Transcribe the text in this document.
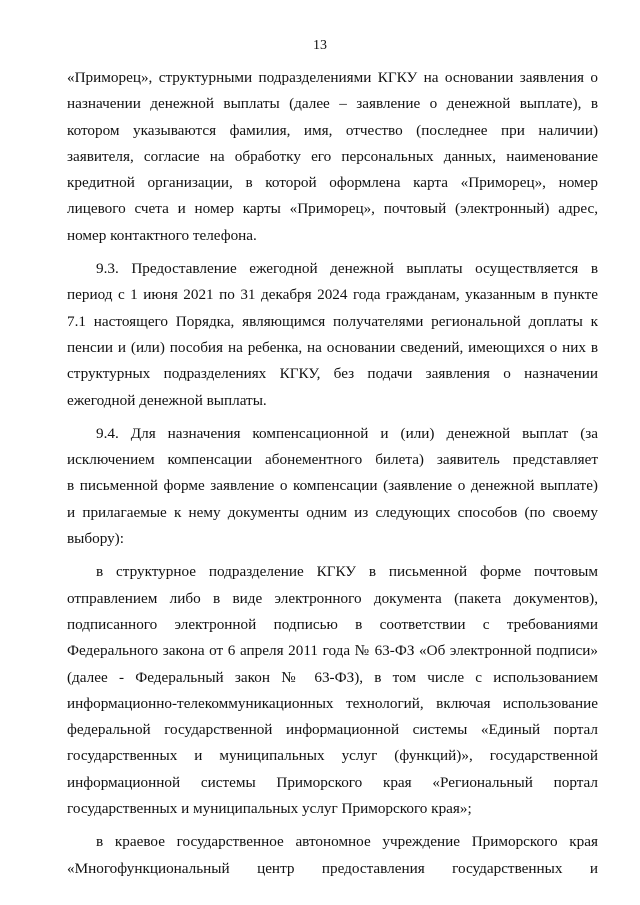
13
«Приморец», структурными подразделениями КГКУ на основании заявления о
назначении денежной выплаты (далее – заявление о денежной выплате), в
котором указываются фамилия, имя, отчество (последнее при наличии)
заявителя, согласие на обработку его персональных данных, наименование
кредитной организации, в которой оформлена карта «Приморец», номер
лицевого счета и номер карты «Приморец», почтовый (электронный) адрес,
номер контактного телефона.
9.3. Предоставление ежегодной денежной выплаты осуществляется в
период с 1 июня 2021 по 31 декабря 2024 года гражданам, указанным в пункте
7.1 настоящего Порядка, являющимся получателями региональной доплаты к
пенсии и (или) пособия на ребенка, на основании сведений, имеющихся о них в
структурных подразделениях КГКУ, без подачи заявления о назначении
ежегодной денежной выплаты.
9.4. Для назначения компенсационной и (или) денежной выплат (за
исключением компенсации абонементного билета) заявитель представляет
в письменной форме заявление о компенсации (заявление о денежной выплате)
и прилагаемые к нему документы одним из следующих способов (по своему
выбору):
в структурное подразделение КГКУ в письменной форме почтовым
отправлением либо в виде электронного документа (пакета документов),
подписанного электронной подписью в соответствии с требованиями
Федерального закона от 6 апреля 2011 года № 63-ФЗ «Об электронной подписи»
(далее - Федеральный закон № 63-ФЗ), в том числе с использованием
информационно-телекоммуникационных технологий, включая использование
федеральной государственной информационной системы «Единый портал
государственных и муниципальных услуг (функций)», государственной
информационной системы Приморского края «Региональный портал
государственных и муниципальных услуг Приморского края»;
в краевое государственное автономное учреждение Приморского края
«Многофункциональный центр предоставления государственных и
